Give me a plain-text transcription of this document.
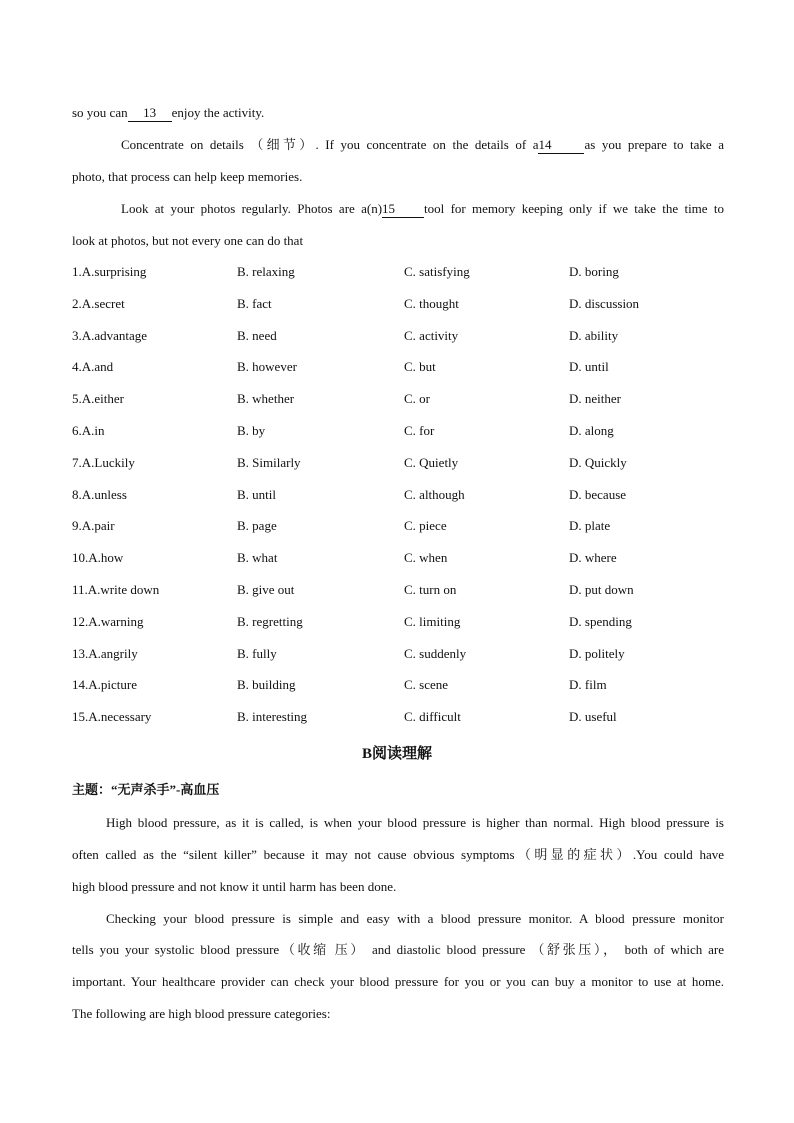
so you can 13 enjoy the activity.
Concentrate on details （细节）. If you concentrate on the details of a14	as you prepare to take a
photo, that process can help keep memories.
Look at your photos regularly. Photos are a(n)15 tool for memory keeping only if we take the time to
look at photos, but not every one can do that
1.A.surprising	B. relaxing	C. satisfying	D. boring
2.A.secret	B. fact	C. thought	D. discussion
3.A.advantage	B. need	C. activity	D. ability
4.A.and	B. however	C. but	D. until
5.A.either	B. whether	C. or	D. neither
6.A.in	B. by	C. for	D. along
7.A.Luckily	B. Similarly	C. Quietly	D. Quickly
8.A.unless	B. until	C. although	D. because
9.A.pair	B. page	C. piece	D. plate
10.A.how	B. what	C. when	D. where
11.A.write down	B. give out	C. turn on	D. put down
12.A.warning	B. regretting	C. limiting	D. spending
13.A.angrily	B. fully	C. suddenly	D. politely
14.A.picture	B. building	C. scene	D. film
15.A.necessary	B. interesting	C. difficult	D. useful
B阅读理解
主题：“无声杀手”-高血压
High blood pressure, as it is called, is when your blood pressure is higher than normal. High blood pressure is
often called as the “silent killer” because it may not cause obvious symptoms（明显的症状）.You could have
high blood pressure and not know it until harm has been done.
Checking your blood pressure is simple and easy with a blood pressure monitor. A blood pressure monitor
tells you your systolic blood pressure（收缩 压） and diastolic blood pressure （舒张压）， both of which are
important. Your healthcare provider can check your blood pressure for you or you can buy a monitor to use at home.
The following are high blood pressure categories:
